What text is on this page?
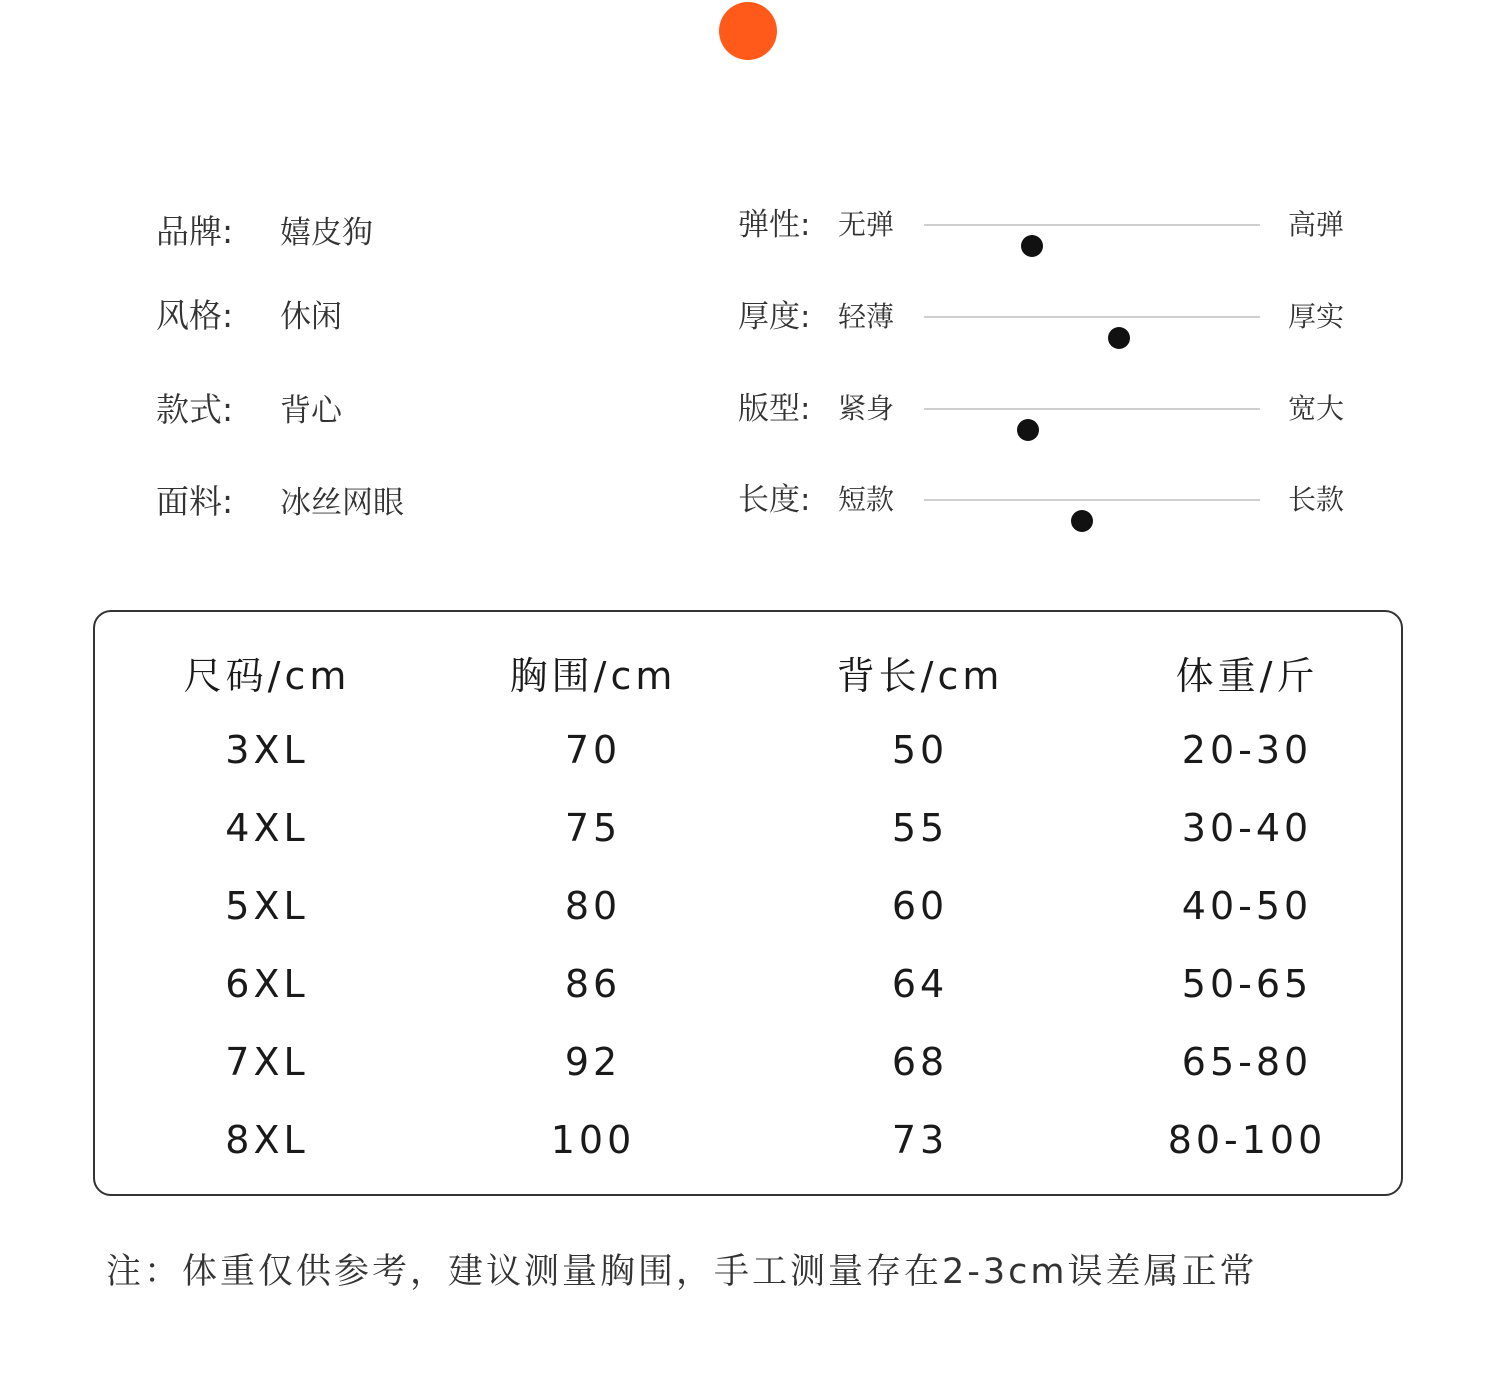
品牌:	嬉皮狗
风格:	休闲
款式:	背心
面料:	冰丝网眼
弹性: 无弹	高弹
厚度: 轻薄	厚实
版型: 紧身	宽大
长度: 短款	长款
尺码/cm	胸围/cm	背长/cm	体重/斤
3XL	70	50	20-30
4XL	75	55	30-40
5XL	80	60	40-50
6XL	86	64	50-65
7XL	92	68	65-80
8XL	100	73	80-100
注：体重仅供参考，建议测量胸围，手工测量存在2-3cm误差属正常
